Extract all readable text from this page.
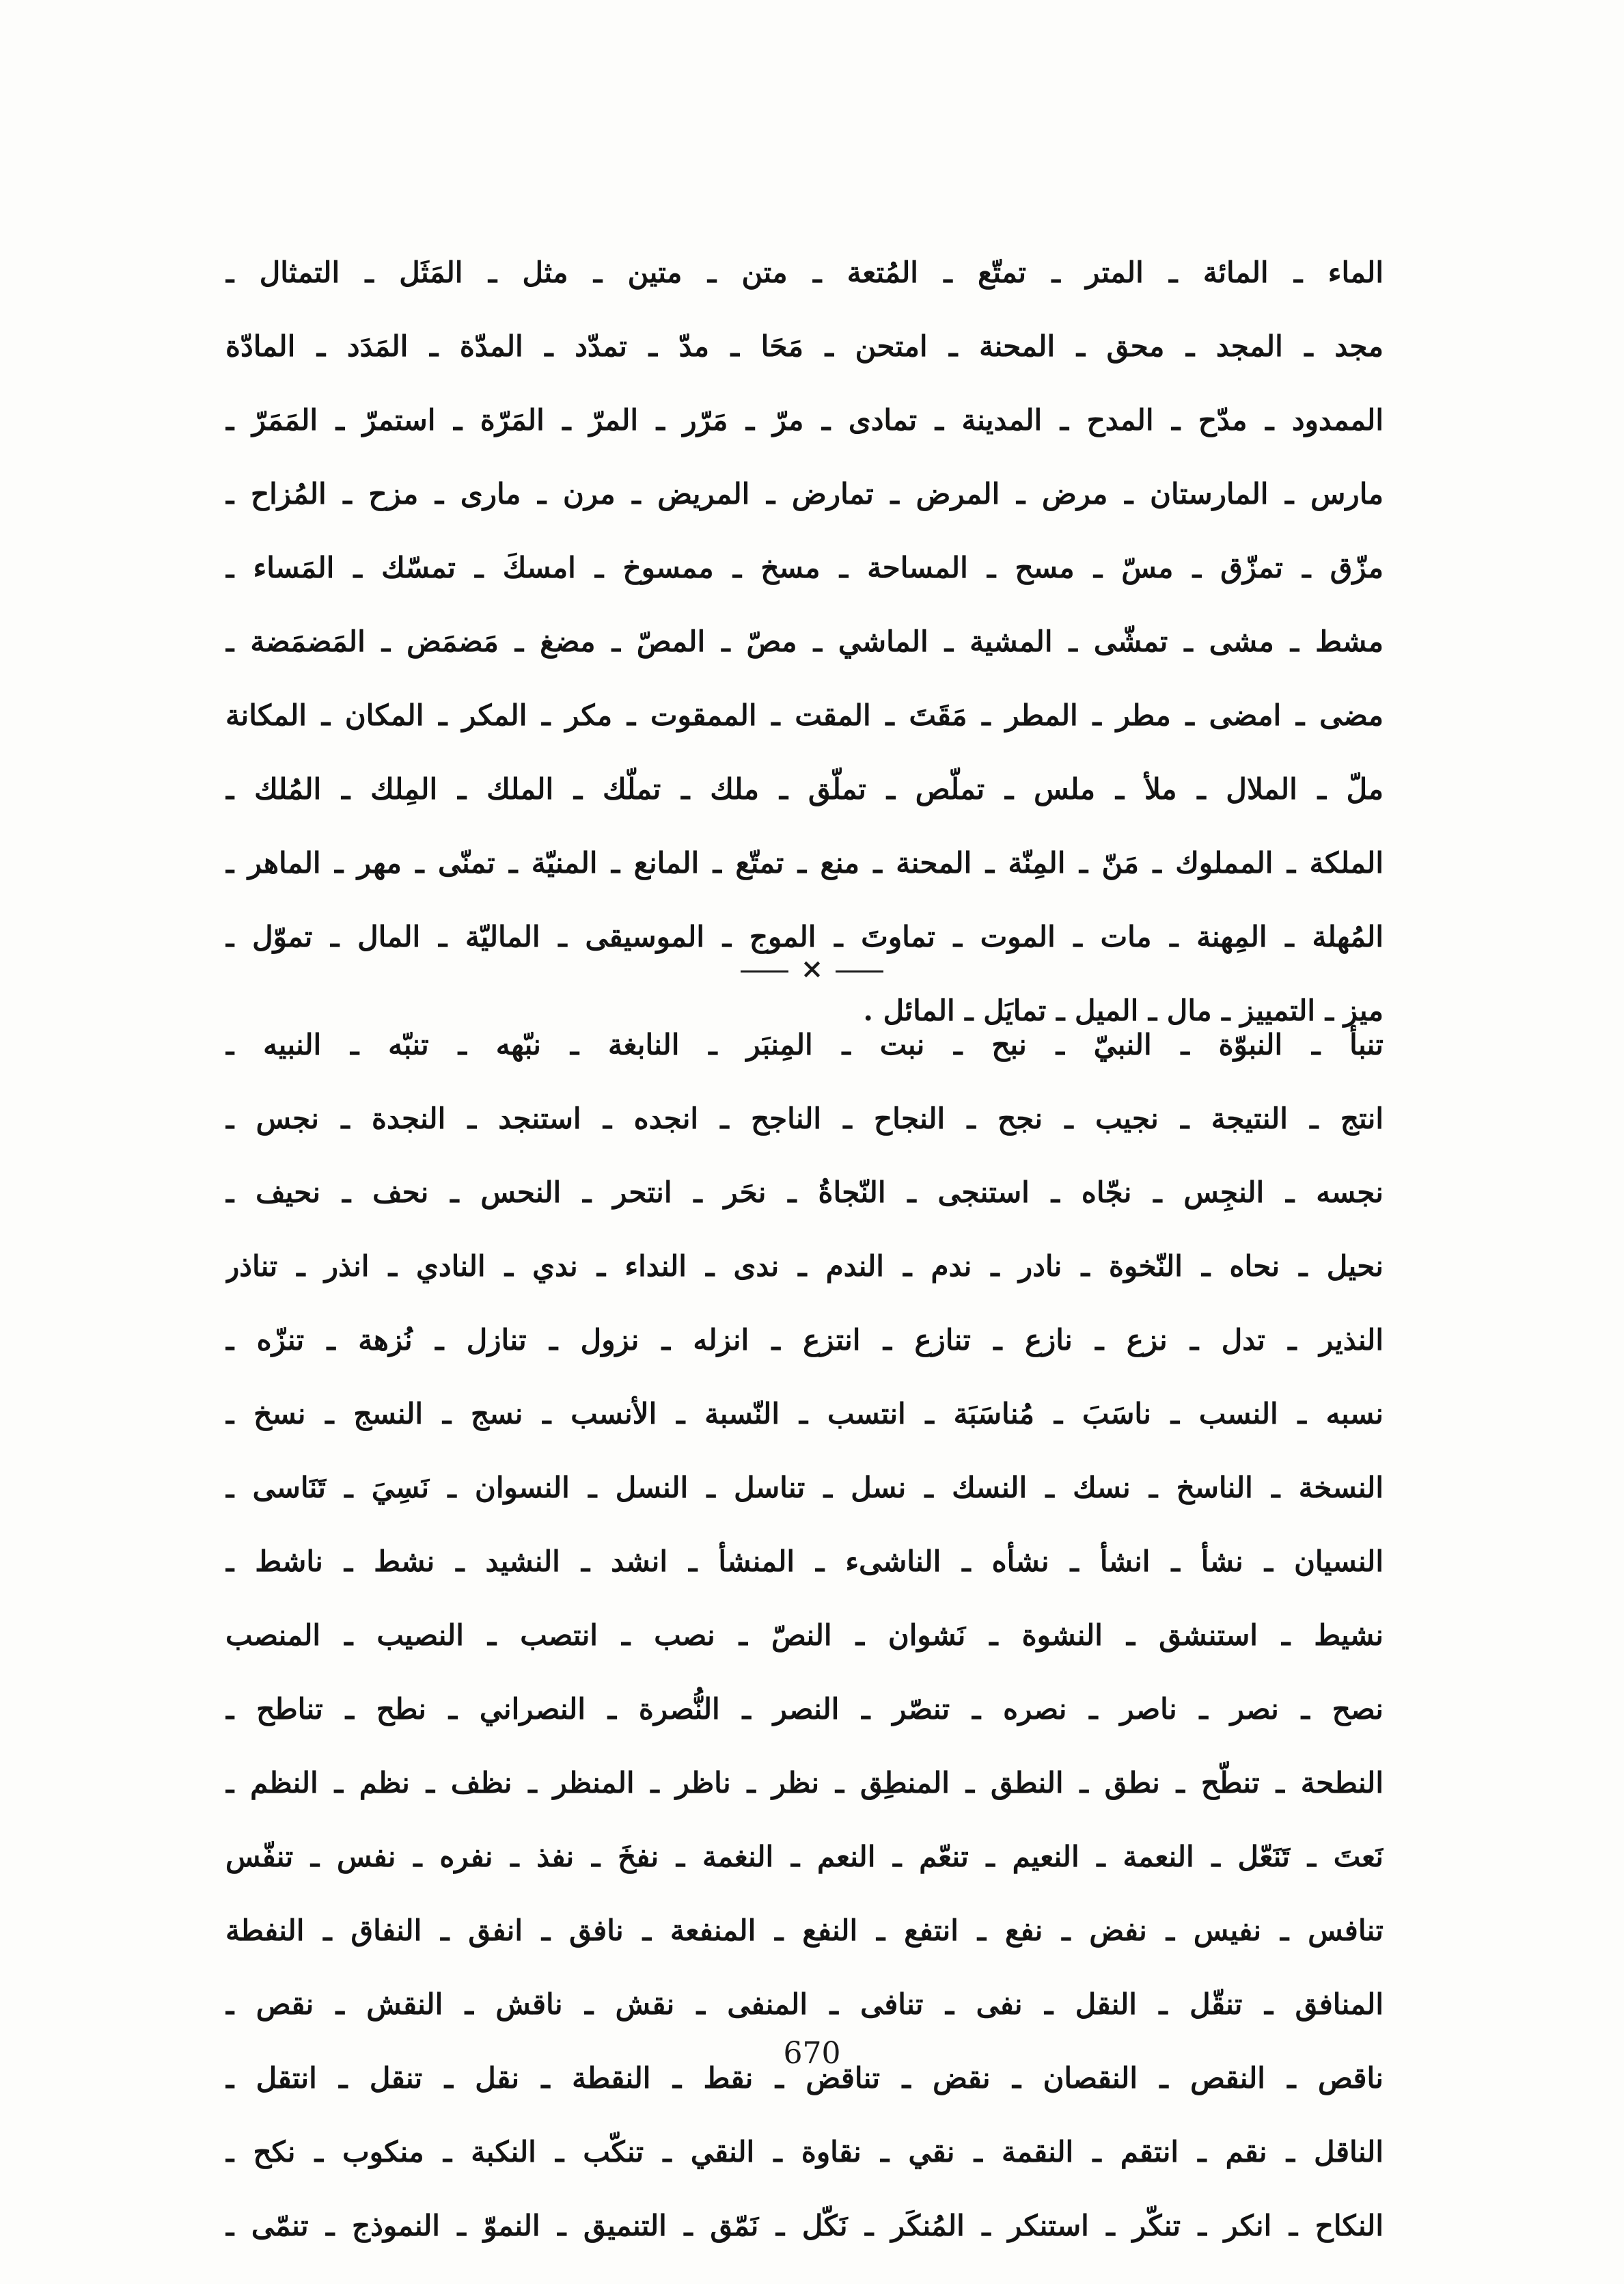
الماء ـ المائة ـ المتر ـ تمتّع ـ المُتعة ـ متن ـ متين ـ مثل ـ المَثَل ـ التمثال ـ
مجد ـ المجد ـ محق ـ المحنة ـ امتحن ـ مَحَا ـ مدّ ـ تمدّد ـ المدّة ـ المَدَد ـ المادّة
الممدود ـ مدّح ـ المدح ـ المدينة ـ تمادى ـ مرّ ـ مَرّر ـ المرّ ـ المَرّة ـ استمرّ ـ المَمَرّ ـ
مارس ـ المارستان ـ مرض ـ المرض ـ تمارض ـ المريض ـ مرن ـ مارى ـ مزح ـ المُزاح ـ
مزّق ـ تمزّق ـ مسّ ـ مسح ـ المساحة ـ مسخ ـ ممسوخ ـ امسكَ ـ تمسّك ـ المَساء ـ
مشط ـ مشى ـ تمشّى ـ المشية ـ الماشي ـ مصّ ـ المصّ ـ مضغ ـ مَضمَض ـ المَضمَضة ـ
مضى ـ امضى ـ مطر ـ المطر ـ مَقَتَ ـ المقت ـ الممقوت ـ مكر ـ المكر ـ المكان ـ المكانة
ملّ ـ الملال ـ ملأ ـ ملس ـ تملّص ـ تملّق ـ ملك ـ تملّك ـ الملك ـ المِلك ـ المُلك ـ
الملكة ـ المملوك ـ مَنّ ـ المِنّة ـ المحنة ـ منع ـ تمتّع ـ المانع ـ المنيّة ـ تمنّى ـ مهر ـ الماهر ـ
المُهلة ـ المِهنة ـ مات ـ الموت ـ تماوتَ ـ الموج ـ الموسيقى ـ الماليّة ـ المال ـ تموّل ـ
ميز ـ التمييز ـ مال ـ الميل ـ تمايَل ـ المائل .
×
تنبأ ـ النبوّة ـ النبيّ ـ نبح ـ نبت ـ المِنبَر ـ النابغة ـ نبّهه ـ تنبّه ـ النبيه ـ
انتج ـ النتيجة ـ نجيب ـ نجح ـ النجاح ـ الناجح ـ انجده ـ استنجد ـ النجدة ـ نجس ـ
نجسه ـ النجِس ـ نجّاه ـ استنجى ـ النّجاةُ ـ نحَر ـ انتحر ـ النحس ـ نحف ـ نحيف ـ
نحيل ـ نحاه ـ النّخوة ـ نادر ـ ندم ـ الندم ـ ندى ـ النداء ـ ندي ـ النادي ـ انذر ـ تناذر
النذير ـ تدل ـ نزع ـ نازع ـ تنازع ـ انتزع ـ انزله ـ نزول ـ تنازل ـ نُزهة ـ تنزّه ـ
نسبه ـ النسب ـ ناسَبَ ـ مُناسَبَة ـ انتسب ـ النّسبة ـ الأنسب ـ نسج ـ النسج ـ نسخ ـ
النسخة ـ الناسخ ـ نسك ـ النسك ـ نسل ـ تناسل ـ النسل ـ النسوان ـ نَسِيَ ـ تَنَاسى ـ
النسيان ـ نشأ ـ انشأ ـ نشأه ـ الناشىء ـ المنشأ ـ انشد ـ النشيد ـ نشط ـ ناشط ـ
نشيط ـ استنشق ـ النشوة ـ نَشوان ـ النصّ ـ نصب ـ انتصب ـ النصيب ـ المنصب
نصح ـ نصر ـ ناصر ـ نصره ـ تنصّر ـ النصر ـ النُّصرة ـ النصراني ـ نطح ـ تناطح ـ
النطحة ـ تنطّح ـ نطق ـ النطق ـ المنطِق ـ نظر ـ ناظر ـ المنظر ـ نظف ـ نظم ـ النظم ـ
نَعتَ ـ تَنَعّل ـ النعمة ـ النعيم ـ تنعّم ـ النعم ـ النغمة ـ نفخَ ـ نفذ ـ نفره ـ نفس ـ تنفّس
تنافس ـ نفيس ـ نفض ـ نفع ـ انتفع ـ النفع ـ المنفعة ـ نافق ـ انفق ـ النفاق ـ النفطة
المنافق ـ تنقّل ـ النقل ـ نفى ـ تنافى ـ المنفى ـ نقش ـ ناقش ـ النقش ـ نقص ـ
ناقص ـ النقص ـ النقصان ـ نقض ـ تناقض ـ نقط ـ النقطة ـ نقل ـ تنقل ـ انتقل ـ
الناقل ـ نقم ـ انتقم ـ النقمة ـ نقي ـ نقاوة ـ النقي ـ تنكّب ـ النكبة ـ منكوب ـ نكح ـ
النكاح ـ انكر ـ تنكّر ـ استنكر ـ المُنكَر ـ نَكّل ـ نَمّق ـ التنميق ـ النموّ ـ النموذج ـ تنمّى ـ
670
